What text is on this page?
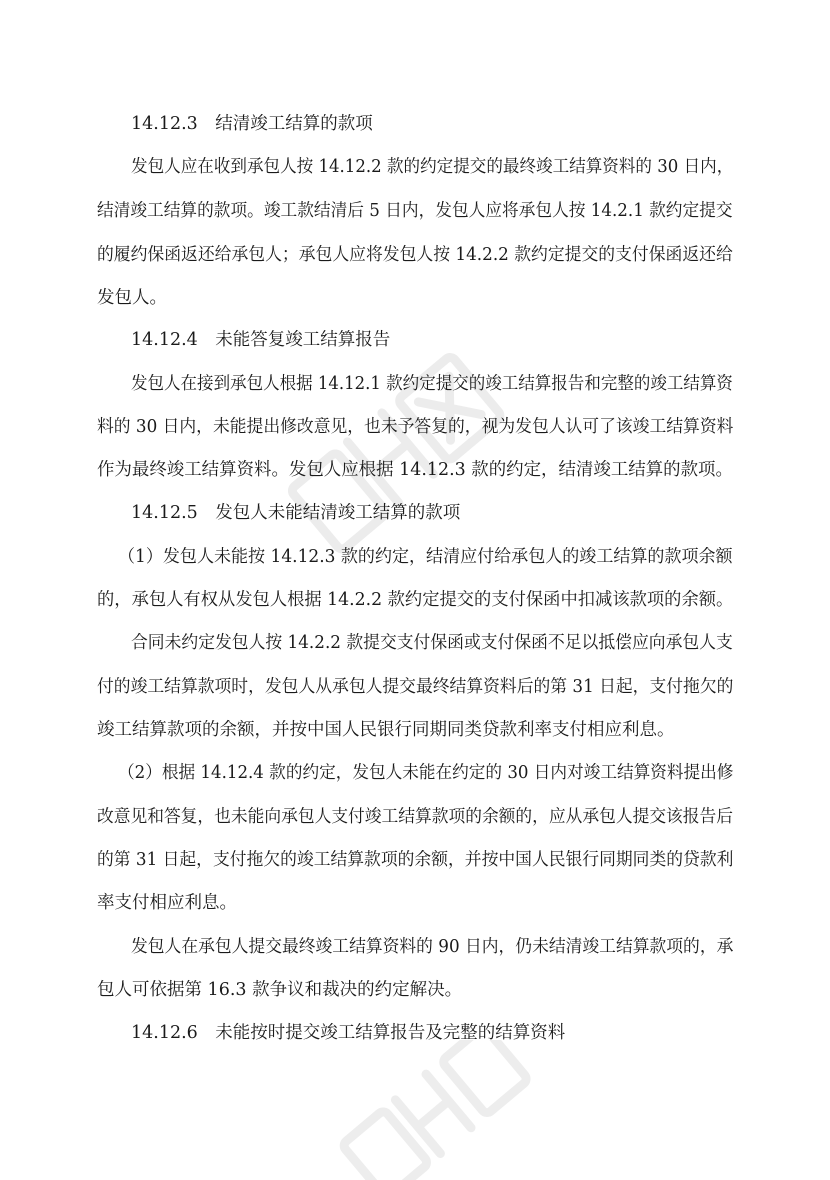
14.12.3　结清竣工结算的款项
发包人应在收到承包人按 14.12.2 款的约定提交的最终竣工结算资料的 30 日内，
结清竣工结算的款项。竣工款结清后 5 日内，发包人应将承包人按 14.2.1 款约定提交
的履约保函返还给承包人；承包人应将发包人按 14.2.2 款约定提交的支付保函返还给
发包人。
14.12.4　未能答复竣工结算报告
发包人在接到承包人根据 14.12.1 款约定提交的竣工结算报告和完整的竣工结算资
料的 30 日内，未能提出修改意见，也未予答复的，视为发包人认可了该竣工结算资料
作为最终竣工结算资料。发包人应根据 14.12.3 款的约定，结清竣工结算的款项。
14.12.5　发包人未能结清竣工结算的款项
（1）发包人未能按 14.12.3 款的约定，结清应付给承包人的竣工结算的款项余额
的，承包人有权从发包人根据 14.2.2 款约定提交的支付保函中扣减该款项的余额。
合同未约定发包人按 14.2.2 款提交支付保函或支付保函不足以抵偿应向承包人支
付的竣工结算款项时，发包人从承包人提交最终结算资料后的第 31 日起，支付拖欠的
竣工结算款项的余额，并按中国人民银行同期同类贷款利率支付相应利息。
（2）根据 14.12.4 款的约定，发包人未能在约定的 30 日内对竣工结算资料提出修
改意见和答复，也未能向承包人支付竣工结算款项的余额的，应从承包人提交该报告后
的第 31 日起，支付拖欠的竣工结算款项的余额，并按中国人民银行同期同类的贷款利
率支付相应利息。
发包人在承包人提交最终竣工结算资料的 90 日内，仍未结清竣工结算款项的，承
包人可依据第 16.3 款争议和裁决的约定解决。
14.12.6　未能按时提交竣工结算报告及完整的结算资料
